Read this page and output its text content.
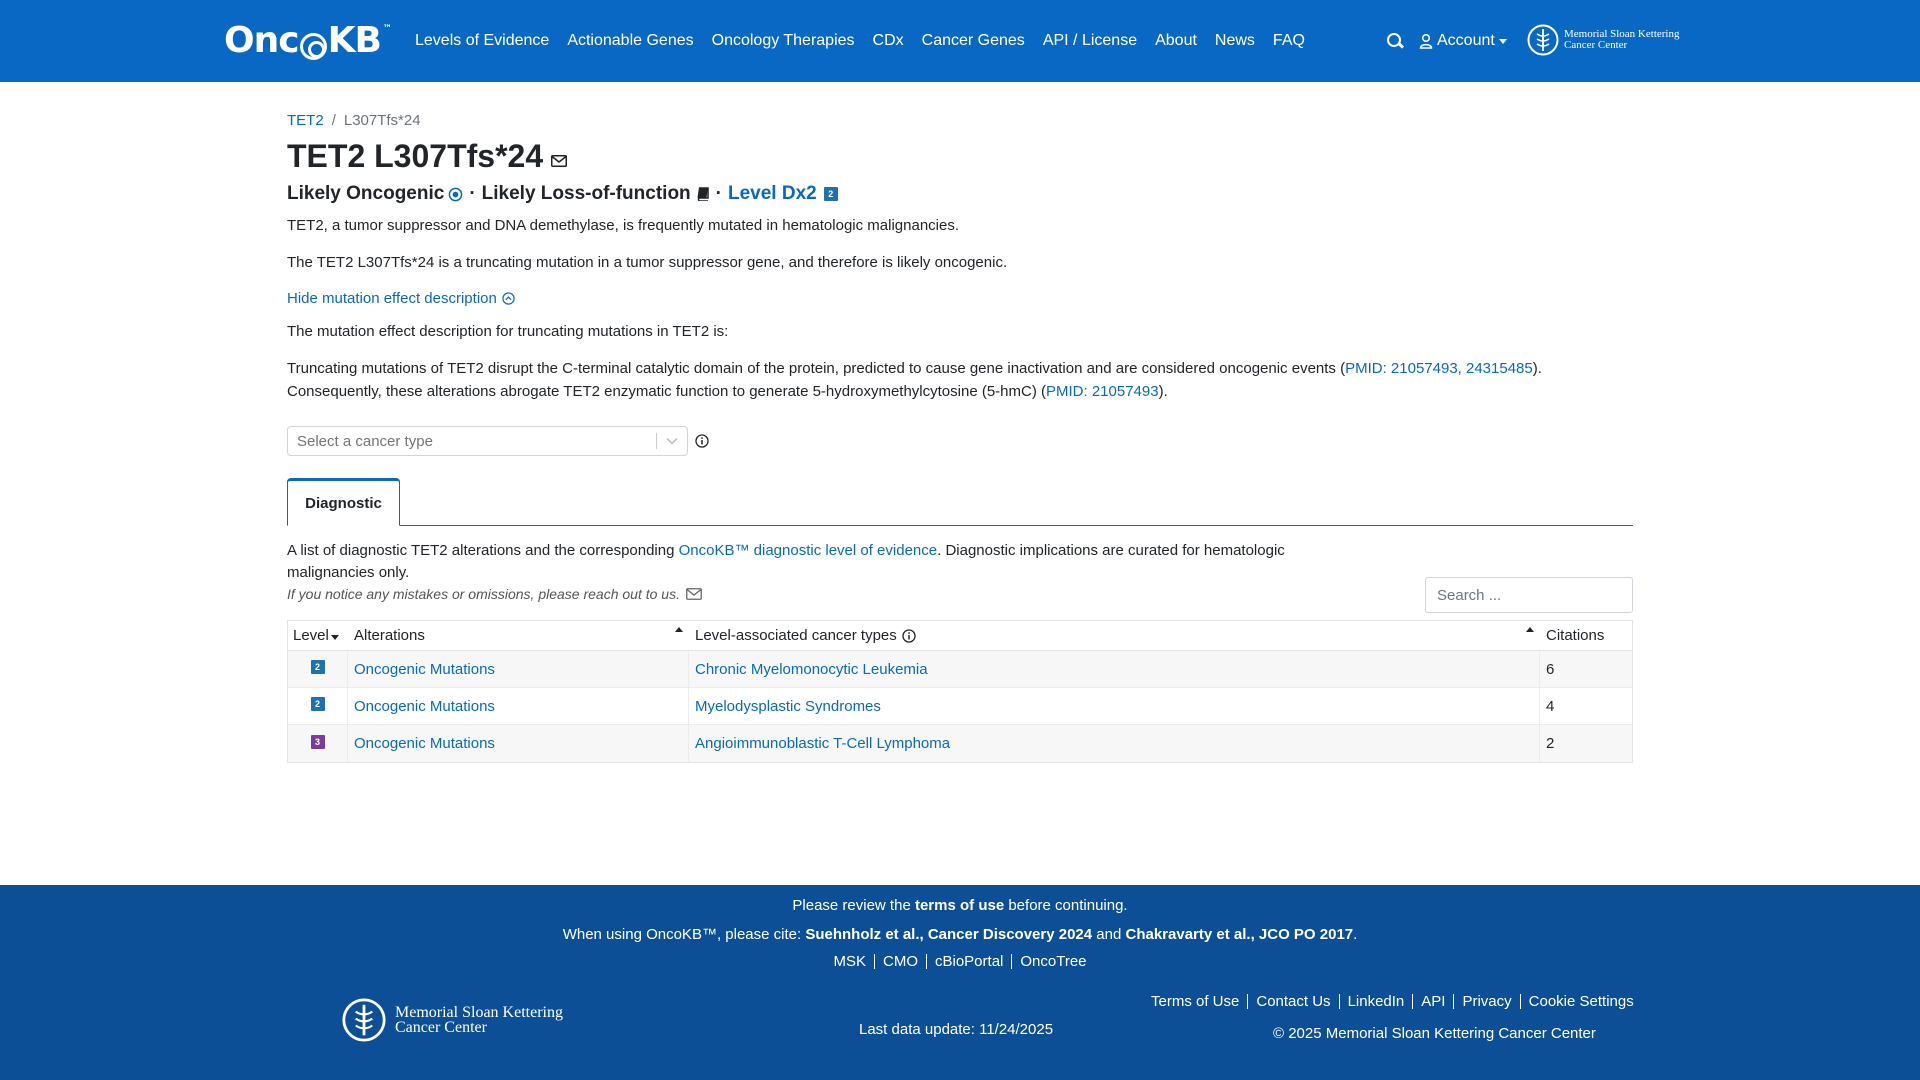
Onc KB ™
Levels of Evidence Actionable Genes Oncology Therapies CDx Cancer Genes API / License About News FAQ	Account	Memorial Sloan Kettering
Cancer Center
TET2 / L307Tfs*24
TET2 L307Tfs*24
Likely Oncogenic · Likely Loss-of-function · Level Dx2	2
TET2, a tumor suppressor and DNA demethylase, is frequently mutated in hematologic malignancies.
The TET2 L307Tfs*24 is a truncating mutation in a tumor suppressor gene, and therefore is likely oncogenic.
Hide mutation effect description
The mutation effect description for truncating mutations in TET2 is:
Truncating mutations of TET2 disrupt the C-terminal catalytic domain of the protein, predicted to cause gene inactivation and are considered oncogenic events (PMID: 21057493, 24315485). Consequently, these alterations abrogate TET2 enzymatic function to generate 5-hydroxymethylcytosine (5-hmC) (PMID: 21057493).
Select a cancer type
Diagnostic
A list of diagnostic TET2 alterations and the corresponding OncoKB™ diagnostic level of evidence. Diagnostic implications are curated for hematologic malignancies only.
If you notice any mistakes or omissions, please reach out to us.
Search ...
Level Alterations	Level-associated cancer types	Citations
2	Oncogenic Mutations	Chronic Myelomonocytic Leukemia	6
2	Oncogenic Mutations	Myelodysplastic Syndromes	4
3	Oncogenic Mutations	Angioimmunoblastic T-Cell Lymphoma	2
Please review the terms of use before continuing.
When using OncoKB™, please cite: Suehnholz et al., Cancer Discovery 2024 and Chakravarty et al., JCO PO 2017.
MSK	CMO	cBioPortal	OncoTree
Memorial Sloan Kettering
Cancer Center	Last data update: 11/24/2025
Terms of Use	Contact Us	LinkedIn	API	Privacy	Cookie Settings
© 2025 Memorial Sloan Kettering Cancer Center
